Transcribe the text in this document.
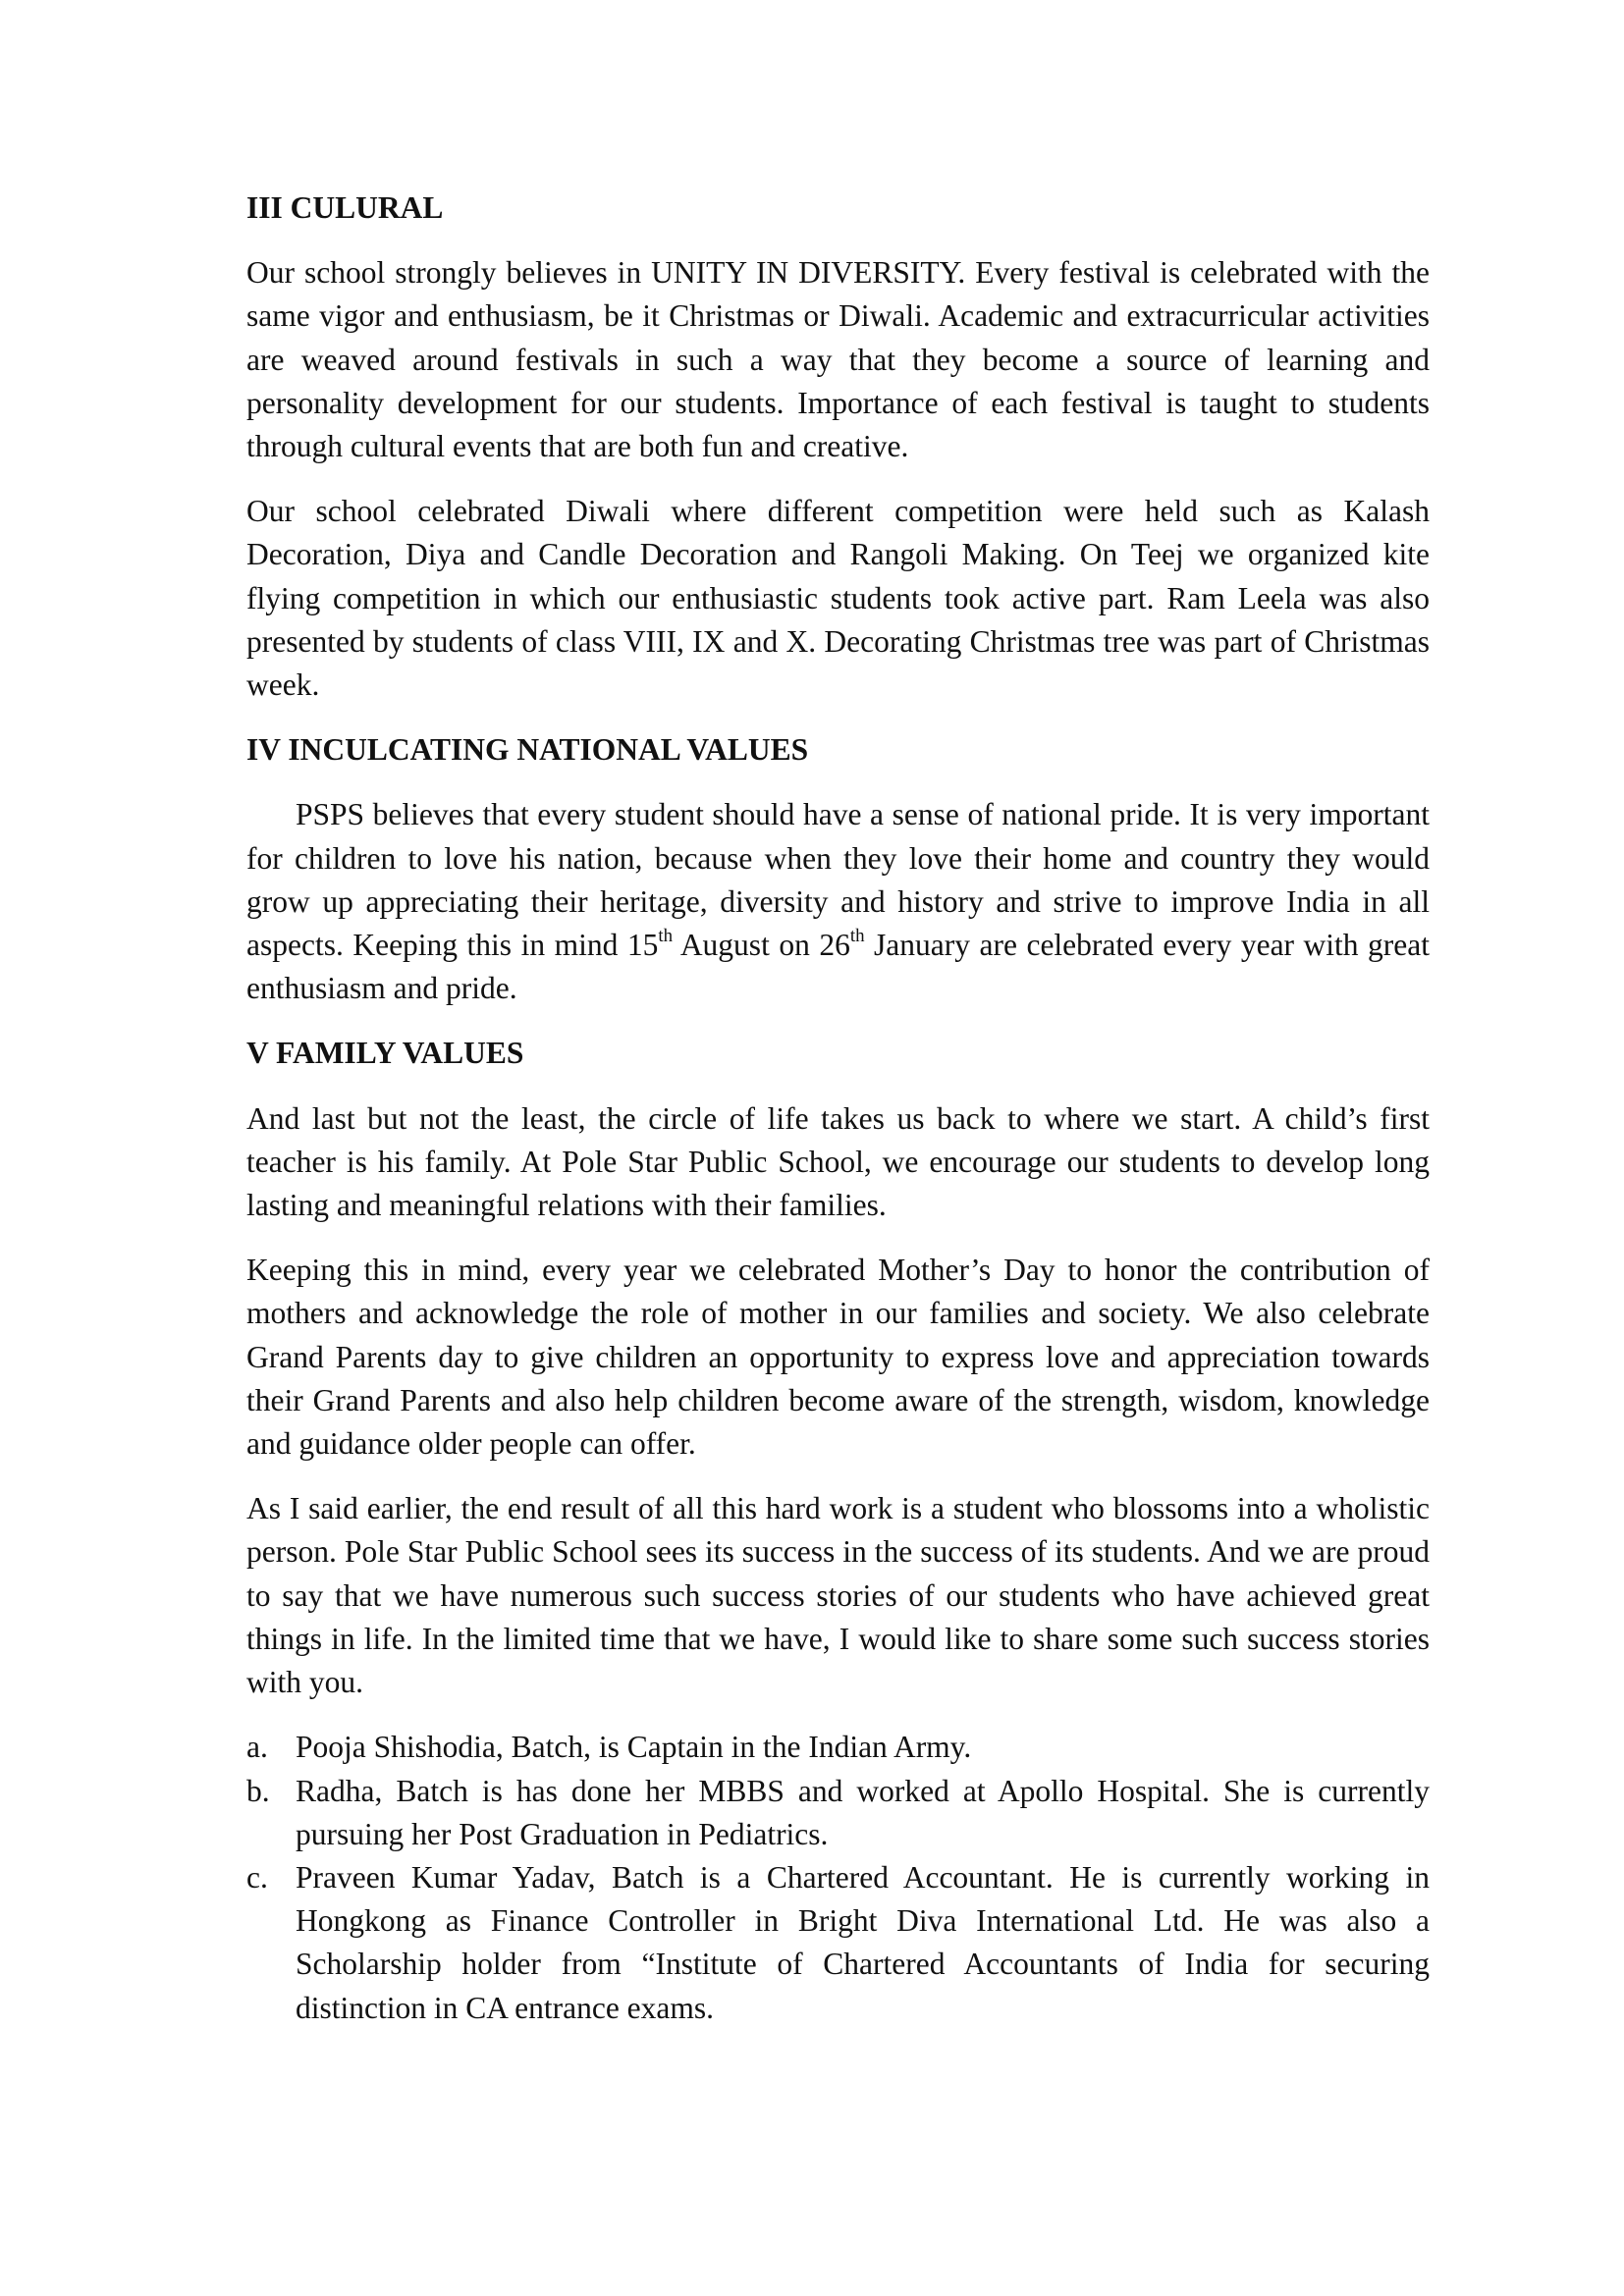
III CULURAL

Our school strongly believes in UNITY IN DIVERSITY. Every festival is celebrated with the same vigor and enthusiasm, be it Christmas or Diwali. Academic and extracurricular activities are weaved around festivals in such a way that they become a source of learning and personality development for our students. Importance of each festival is taught to students through cultural events that are both fun and creative.

Our school celebrated Diwali where different competition were held such as Kalash Decoration, Diya and Candle Decoration and Rangoli Making. On Teej we organized kite flying competition in which our enthusiastic students took active part. Ram Leela was also presented by students of class VIII, IX and X. Decorating Christmas tree was part of Christmas week.

IV INCULCATING NATIONAL VALUES

PSPS believes that every student should have a sense of national pride. It is very important for children to love his nation, because when they love their home and country they would grow up appreciating their heritage, diversity and history and strive to improve India in all aspects. Keeping this in mind 15th August on 26th January are celebrated every year with great enthusiasm and pride.

V FAMILY VALUES

And last but not the least, the circle of life takes us back to where we start. A child’s first teacher is his family. At Pole Star Public School, we encourage our students to develop long lasting and meaningful relations with their families.

Keeping this in mind, every year we celebrated Mother’s Day to honor the contribution of mothers and acknowledge the role of mother in our families and society. We also celebrate Grand Parents day to give children an opportunity to express love and appreciation towards their Grand Parents and also help children become aware of the strength, wisdom, knowledge and guidance older people can offer.

As I said earlier, the end result of all this hard work is a student who blossoms into a wholistic person. Pole Star Public School sees its success in the success of its students. And we are proud to say that we have numerous such success stories of our students who have achieved great things in life. In the limited time that we have, I would like to share some such success stories with you.

a. Pooja Shishodia, Batch, is Captain in the Indian Army.
b. Radha, Batch is has done her MBBS and worked at Apollo Hospital. She is currently pursuing her Post Graduation in Pediatrics.
c. Praveen Kumar Yadav, Batch is a Chartered Accountant. He is currently working in Hongkong as Finance Controller in Bright Diva International Ltd. He was also a Scholarship holder from “Institute of Chartered Accountants of India for securing distinction in CA entrance exams.
